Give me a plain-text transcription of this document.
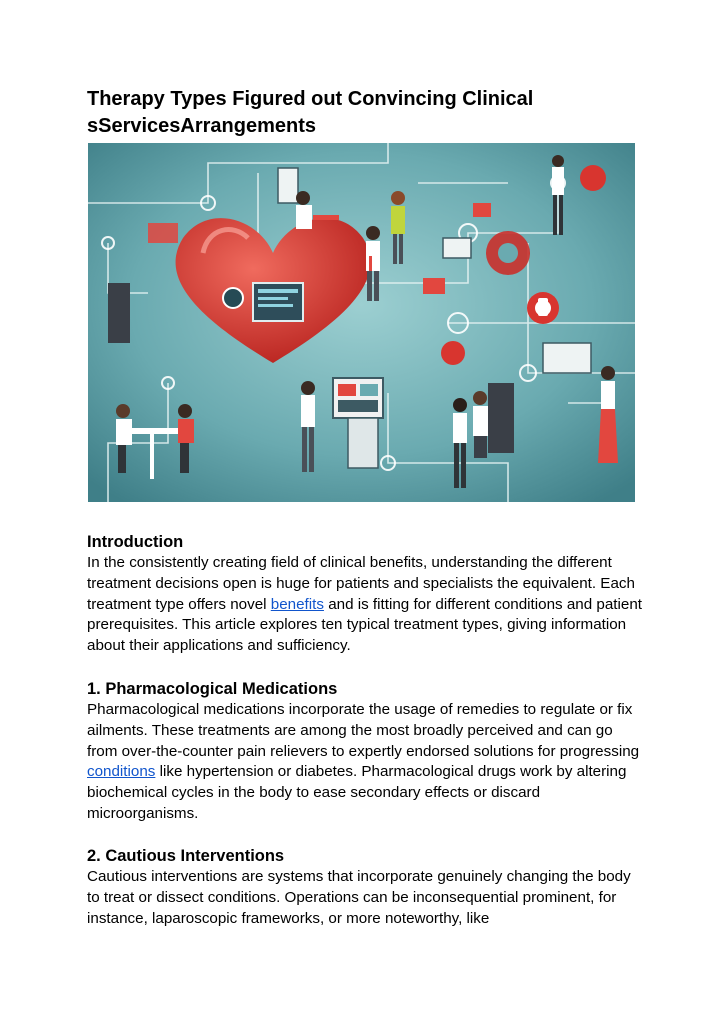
Therapy Types Figured out Convincing Clinical sServicesArrangements
Introduction

In the consistently creating field of clinical benefits, understanding the different treatment decisions open is huge for patients and specialists the equivalent. Each treatment type offers novel benefits and is fitting for different conditions and patient prerequisites. This article explores ten typical treatment types, giving information about their applications and sufficiency.

1. Pharmacological Medications

Pharmacological medications incorporate the usage of remedies to regulate or fix ailments. These treatments are among the most broadly perceived and can go from over-the-counter pain relievers to expertly endorsed solutions for progressing conditions like hypertension or diabetes. Pharmacological drugs work by altering biochemical cycles in the body to ease secondary effects or discard microorganisms.

2. Cautious Interventions

Cautious interventions are systems that incorporate genuinely changing the body to treat or dissect conditions. Operations can be inconsequential prominent, for instance, laparoscopic frameworks, or more noteworthy, like
